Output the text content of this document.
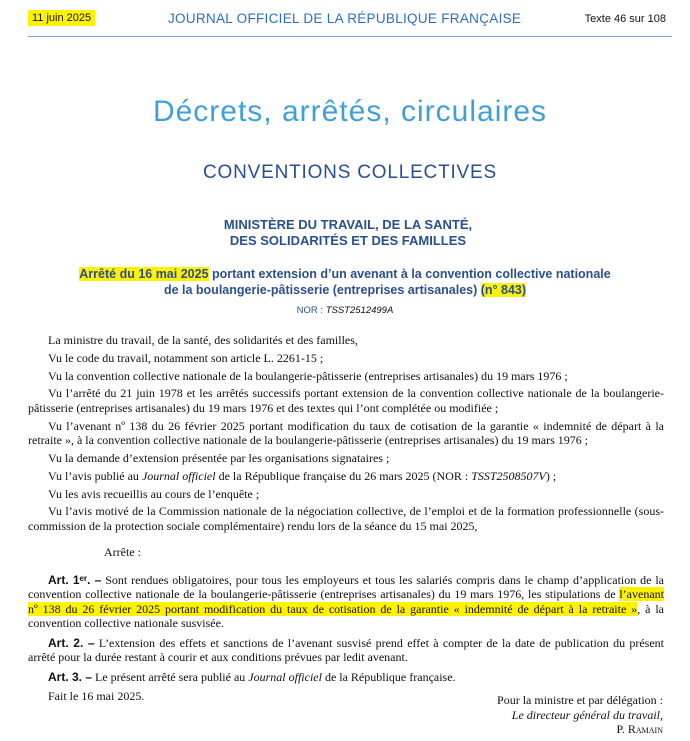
11 juin 2025	JOURNAL OFFICIEL DE LA RÉPUBLIQUE FRANÇAISE	Texte 46 sur 108
Décrets, arrêtés, circulaires
CONVENTIONS COLLECTIVES
MINISTÈRE DU TRAVAIL, DE LA SANTÉ,
DES SOLIDARITÉS ET DES FAMILLES
Arrêté du 16 mai 2025 portant extension d’un avenant à la convention collective nationale
de la boulangerie-pâtisserie (entreprises artisanales) (n° 843)
NOR : TSST2512499A

La ministre du travail, de la santé, des solidarités et des familles,

Vu le code du travail, notamment son article L. 2261-15 ;

Vu la convention collective nationale de la boulangerie-pâtisserie (entreprises artisanales) du 19 mars 1976 ;

Vu l’arrêté du 21 juin 1978 et les arrêtés successifs portant extension de la convention collective nationale de la boulangerie-pâtisserie (entreprises artisanales) du 19 mars 1976 et des textes qui l’ont complétée ou modifiée ;

Vu l’avenant nº 138 du 26 février 2025 portant modification du taux de cotisation de la garantie « indemnité de départ à la retraite », à la convention collective nationale de la boulangerie-pâtisserie (entreprises artisanales) du 19 mars 1976 ;

Vu la demande d’extension présentée par les organisations signataires ;

Vu l’avis publié au Journal officiel de la République française du 26 mars 2025 (NOR : TSST2508507V) ;

Vu les avis recueillis au cours de l’enquête ;

Vu l’avis motivé de la Commission nationale de la négociation collective, de l’emploi et de la formation professionnelle (sous-commission de la protection sociale complémentaire) rendu lors de la séance du 15 mai 2025,

Arrête :

Art. 1ᵉʳ. – Sont rendues obligatoires, pour tous les employeurs et tous les salariés compris dans le champ d’application de la convention collective nationale de la boulangerie-pâtisserie (entreprises artisanales) du 19 mars 1976, les stipulations de l’avenant nº 138 du 26 février 2025 portant modification du taux de cotisation de la garantie « indemnité de départ à la retraite », à la convention collective nationale susvisée.

Art. 2. – L’extension des effets et sanctions de l’avenant susvisé prend effet à compter de la date de publication du présent arrêté pour la durée restant à courir et aux conditions prévues par ledit avenant.

Art. 3. – Le présent arrêté sera publié au Journal officiel de la République française.

Fait le 16 mai 2025.	Pour la ministre et par délégation :
Le directeur général du travail,
P. Ramain
